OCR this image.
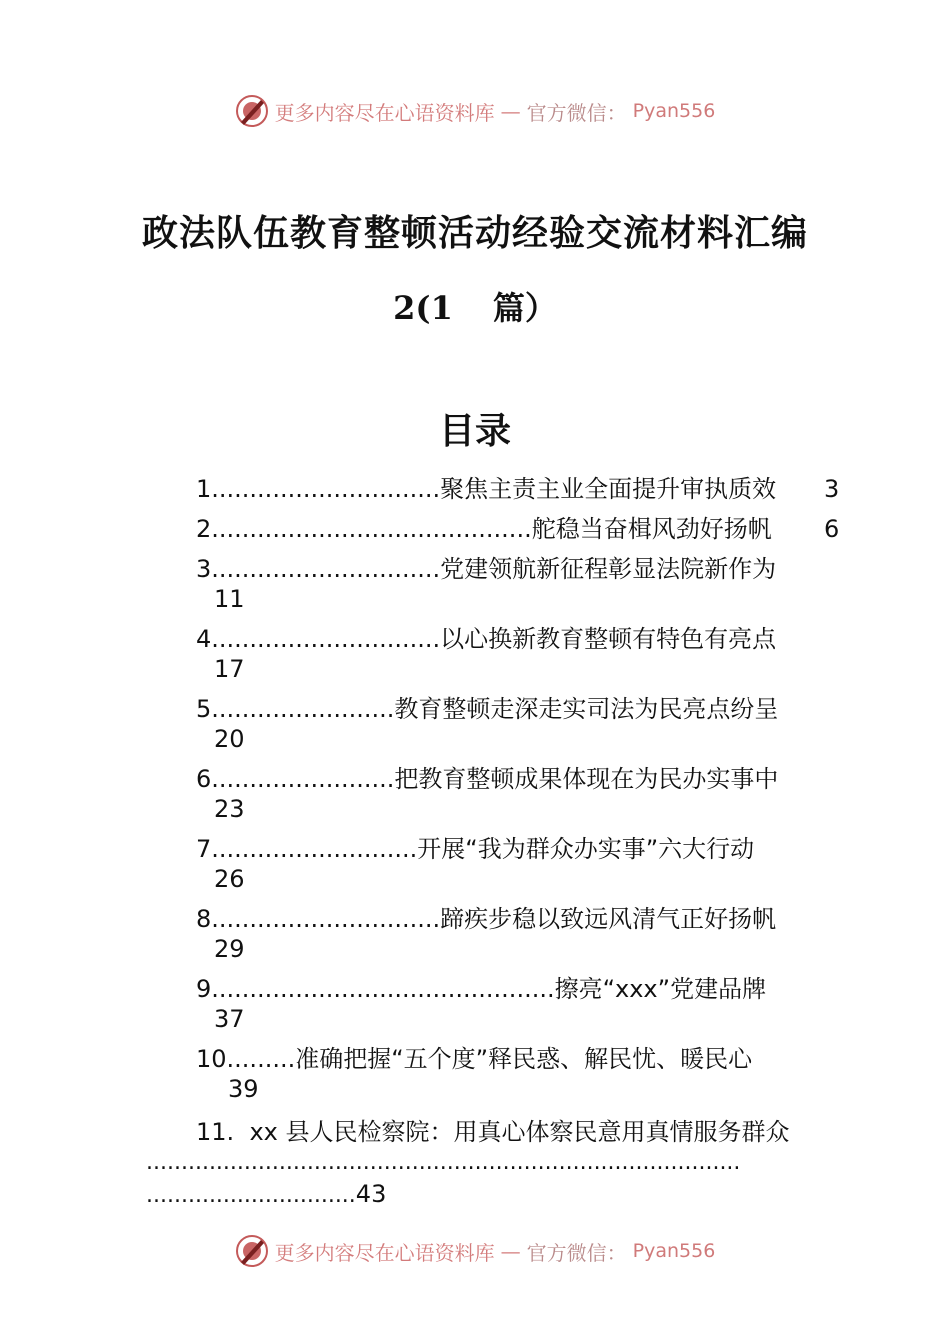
更多内容尽在心语资料库 — 官方微信： Pyan556
政法队伍教育整顿活动经验交流材料汇编
2(1 篇）
目录
1..............................聚焦主责主业全面提升审执质效	3
2..........................................舵稳当奋楫风劲好扬帆	6
3..............................党建领航新征程彰显法院新作为
11
4..............................以心换新教育整顿有特色有亮点
17
5........................教育整顿走深走实司法为民亮点纷呈
20
6........................把教育整顿成果体现在为民办实事中
23
7...........................开展“我为群众办实事”六大行动
26
8..............................蹄疾步稳以致远风清气正好扬帆
29
9.............................................擦亮“xxx”党建品牌
37
10.........准确把握“五个度”释民惑、解民忧、暖民心
39
11. xx 县人民检察院：用真心体察民意用真情服务群众
.....................................................................................
..............................43
更多内容尽在心语资料库 — 官方微信： Pyan556
